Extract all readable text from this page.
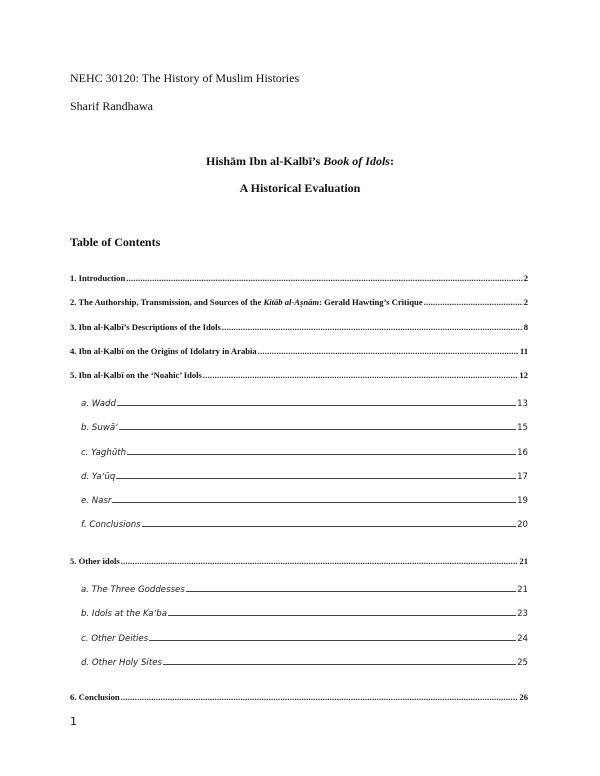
NEHC 30120: The History of Muslim Histories
Sharif Randhawa
Hishām Ibn al-Kalbī’s Book of Idols:
A Historical Evaluation
Table of Contents
1. Introduction .....	2
2. The Authorship, Transmission, and Sources of the Kitāb al-Aṣnām: Gerald Hawting’s Critique .....	2
3. Ibn al-Kalbī’s Descriptions of the Idols .....	8
4. Ibn al-Kalbī on the Origins of Idolatry in Arabia .....	11
5. Ibn al-Kalbī on the ‘Noahic’ Idols .....	12
a. Wadd	13
b. Suwā‘	15
c. Yaghūth	16
d. Ya‘ūq	17
e. Nasr	19
f. Conclusions	20
5. Other idols .....	21
a. The Three Goddesses	21
b. Idols at the Ka‘ba	23
c. Other Deities	24
d. Other Holy Sites	25
6. Conclusion .....	26
1
